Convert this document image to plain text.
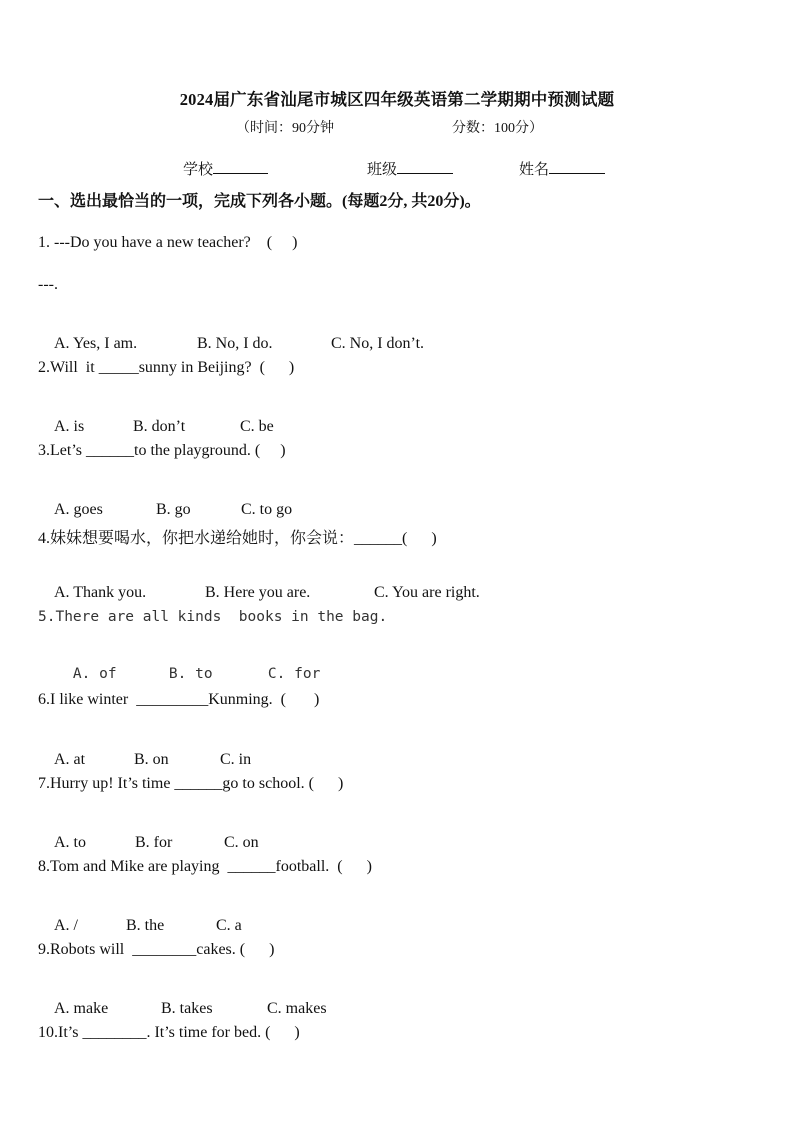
2024届广东省汕尾市城区四年级英语第二学期期中预测试题
（时间：90分钟	分数：100分）
学校	班级	姓名
一、选出最恰当的一项，完成下列各小题。(每题2分, 共20分)。
1. ---Do you have a new teacher?    (     )
---.

A. Yes, I am.	B. No, I do.	C. No, I don’t.

2.Will  it _____sunny in Beijing?  (      )

A. is	B. don’t	C. be

3.Let’s ______to the playground. (     )

A. goes	B. go	C. to go

4.妹妹想要喝水，你把水递给她时，你会说：______(      )

A. Thank you.	B. Here you are.	C. You are right.

5.There are all kinds  books in the bag.

A. of	B. to	C. for

6.I like winter  _________Kunming.  (       )

A. at	B. on	C. in

7.Hurry up! It’s time ______go to school. (      )

A. to	B. for	C. on

8.Tom and Mike are playing  ______football.  (      )

A. /	B. the	C. a

9.Robots will  ________cakes. (      )

A. make	B. takes	C. makes

10.It’s ________. It’s time for bed. (      )
